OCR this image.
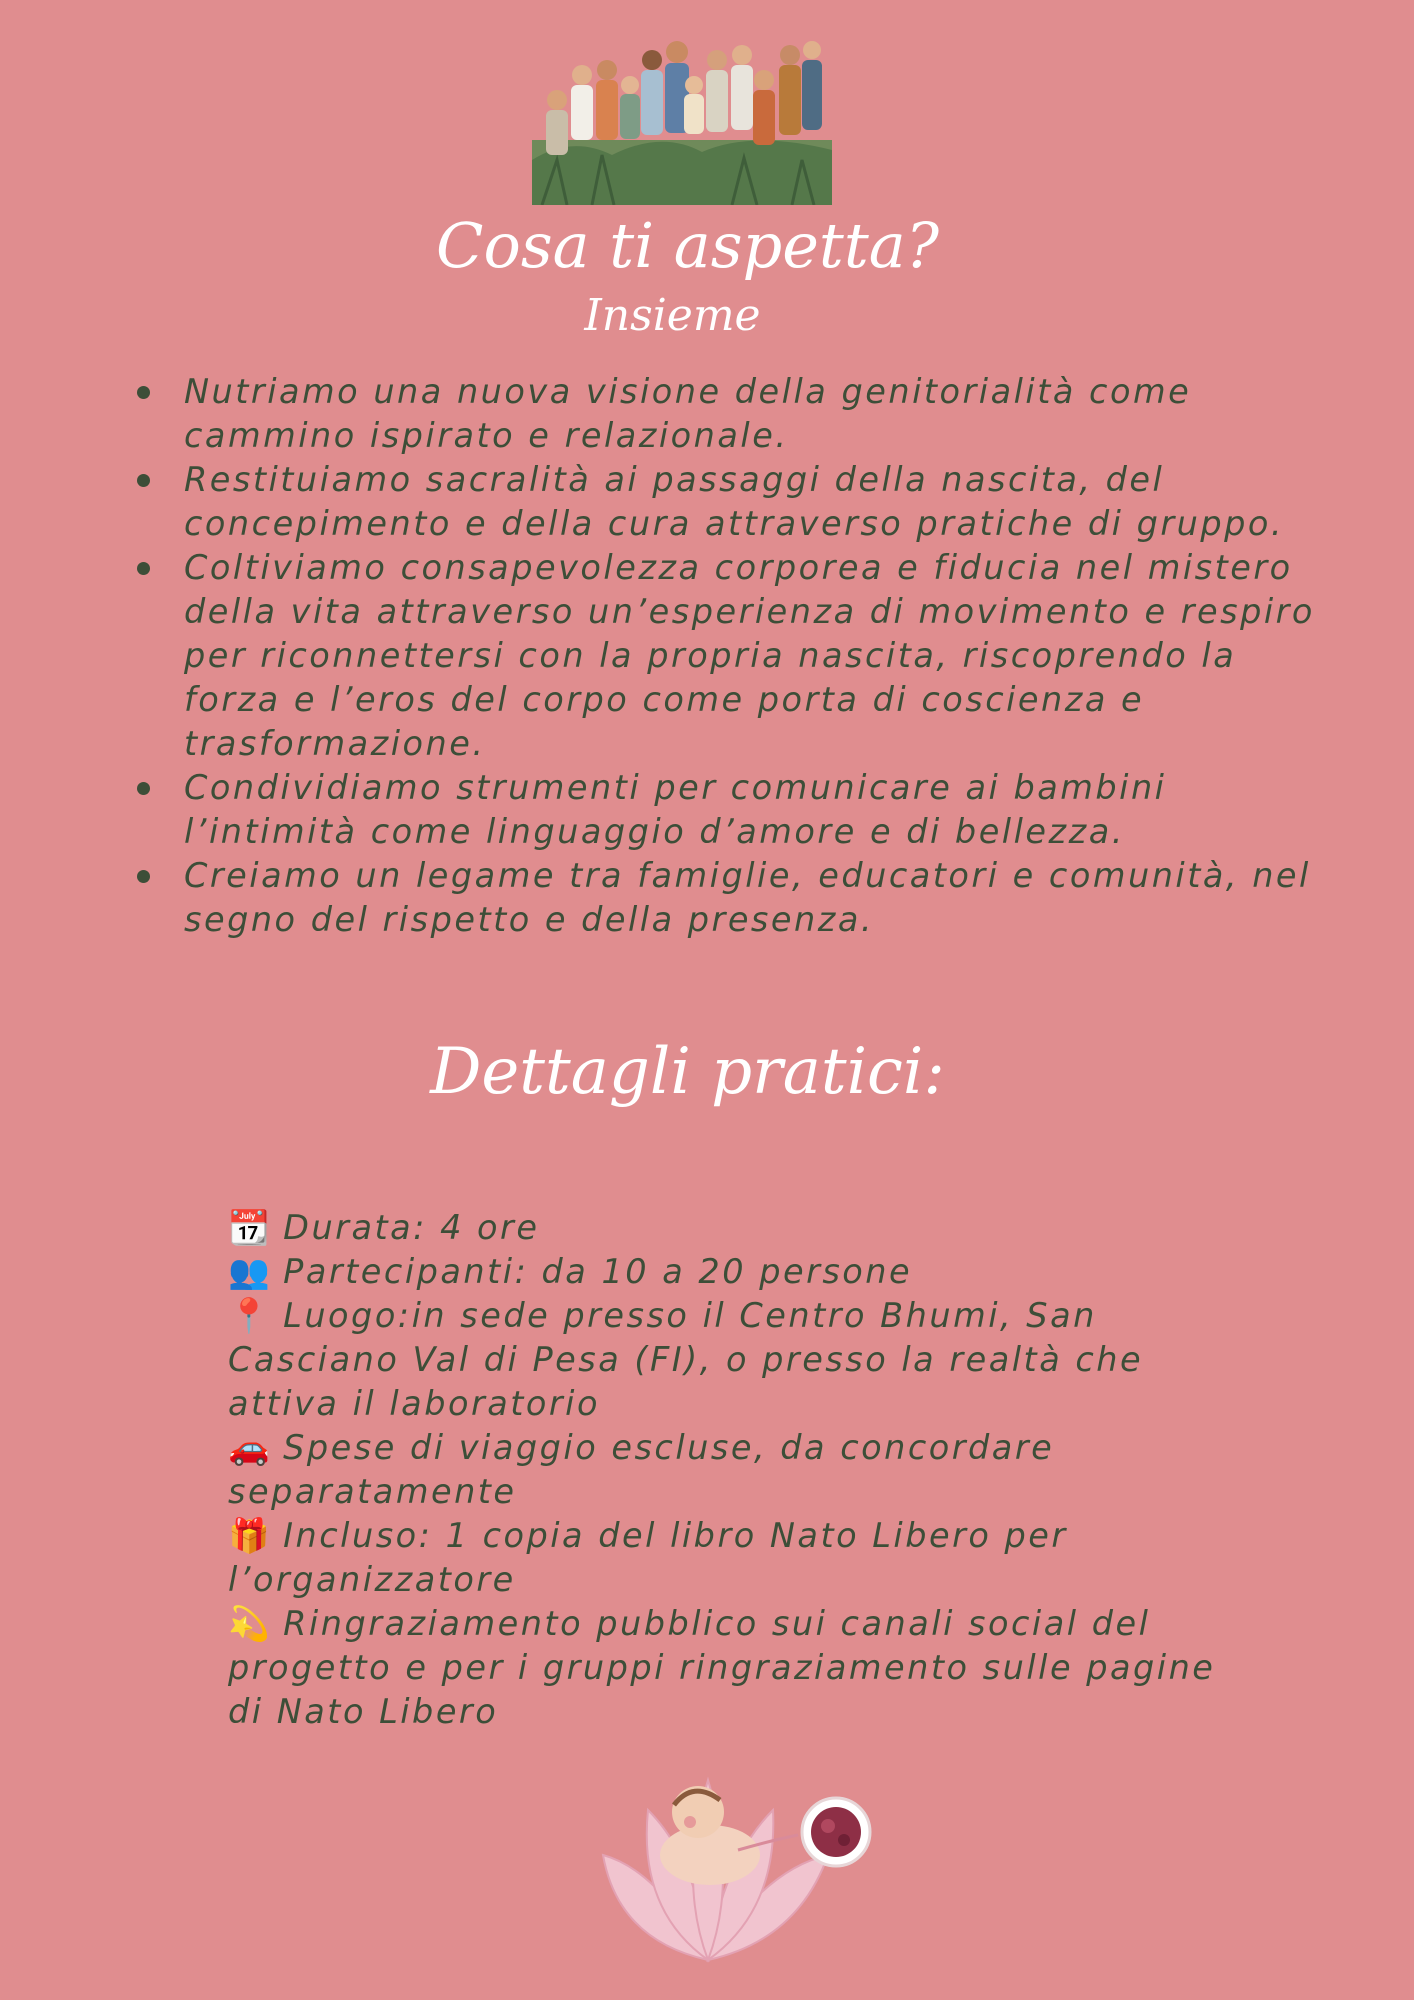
Cosa ti aspetta?
Insieme
Nutriamo una nuova visione della genitorialità come cammino ispirato e relazionale.
Restituiamo sacralità ai passaggi della nascita, del concepimento e della cura attraverso pratiche di gruppo.
Coltiviamo consapevolezza corporea e fiducia nel mistero della vita attraverso un’esperienza di movimento e respiro per riconnettersi con la propria nascita, riscoprendo la forza e l’eros del corpo come porta di coscienza e trasformazione.
Condividiamo strumenti per comunicare ai bambini l’intimità come linguaggio d’amore e di bellezza.
Creiamo un legame tra famiglie, educatori e comunità, nel segno del rispetto e della presenza.
Dettagli pratici:
📆 Durata: 4 ore
👥 Partecipanti: da 10 a 20 persone
📍 Luogo:in sede presso il Centro Bhumi, San Casciano Val di Pesa (FI), o presso la realtà che attiva il laboratorio
🚗 Spese di viaggio escluse, da concordare separatamente
🎁 Incluso: 1 copia del libro Nato Libero per l’organizzatore
💫 Ringraziamento pubblico sui canali social del progetto e per i gruppi ringraziamento sulle pagine di Nato Libero
